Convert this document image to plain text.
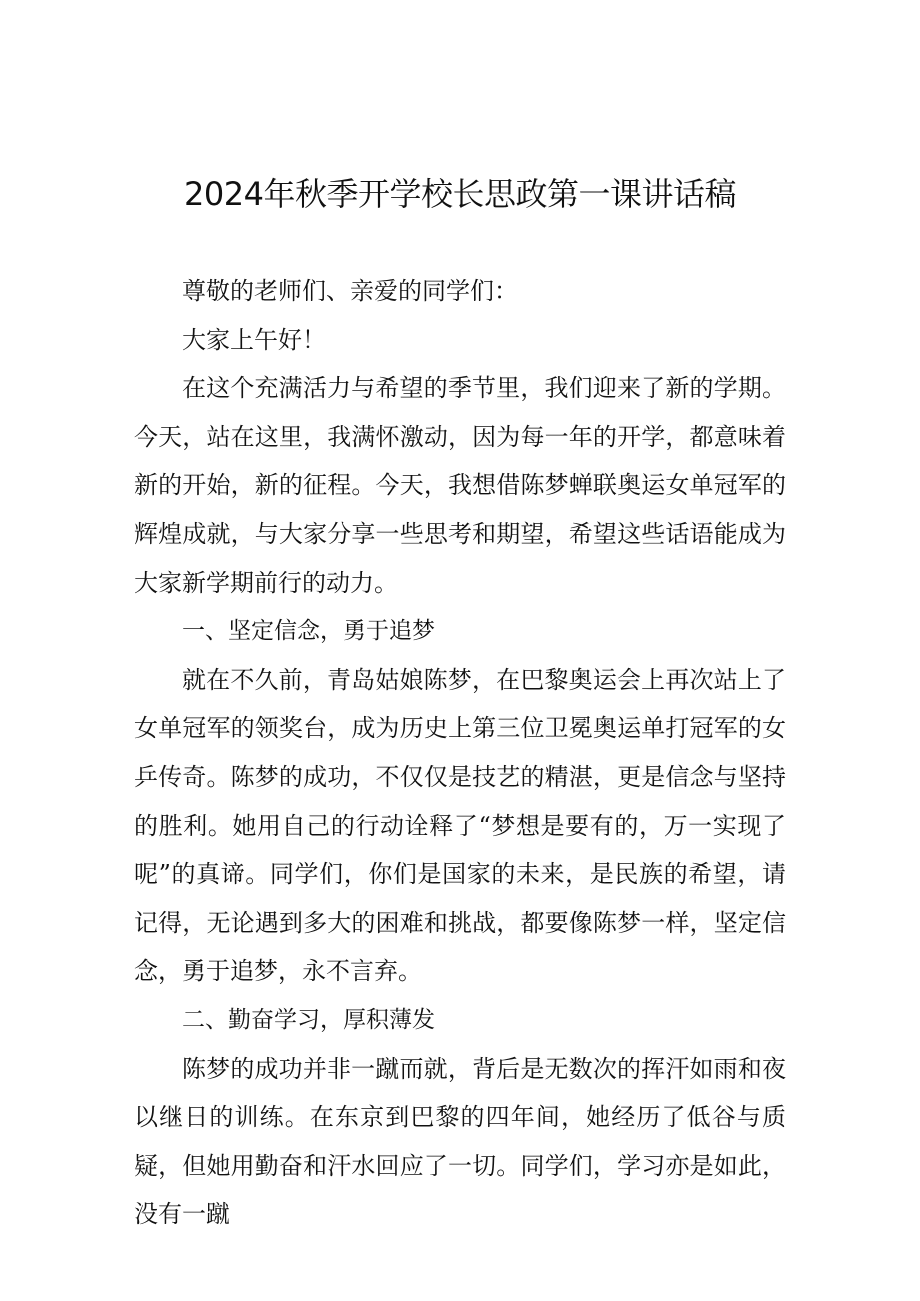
2024年秋季开学校长思政第一课讲话稿

尊敬的老师们、亲爱的同学们：

大家上午好！

在这个充满活力与希望的季节里，我们迎来了新的学期。今天，站在这里，我满怀激动，因为每一年的开学，都意味着新的开始，新的征程。今天，我想借陈梦蝉联奥运女单冠军的辉煌成就，与大家分享一些思考和期望，希望这些话语能成为大家新学期前行的动力。

一、坚定信念，勇于追梦

就在不久前，青岛姑娘陈梦，在巴黎奥运会上再次站上了女单冠军的领奖台，成为历史上第三位卫冕奥运单打冠军的女乒传奇。陈梦的成功，不仅仅是技艺的精湛，更是信念与坚持的胜利。她用自己的行动诠释了“梦想是要有的，万一实现了呢”的真谛。同学们，你们是国家的未来，是民族的希望，请记得，无论遇到多大的困难和挑战，都要像陈梦一样，坚定信念，勇于追梦，永不言弃。

二、勤奋学习，厚积薄发

陈梦的成功并非一蹴而就，背后是无数次的挥汗如雨和夜以继日的训练。在东京到巴黎的四年间，她经历了低谷与质疑，但她用勤奋和汗水回应了一切。同学们，学习亦是如此，没有一蹴
